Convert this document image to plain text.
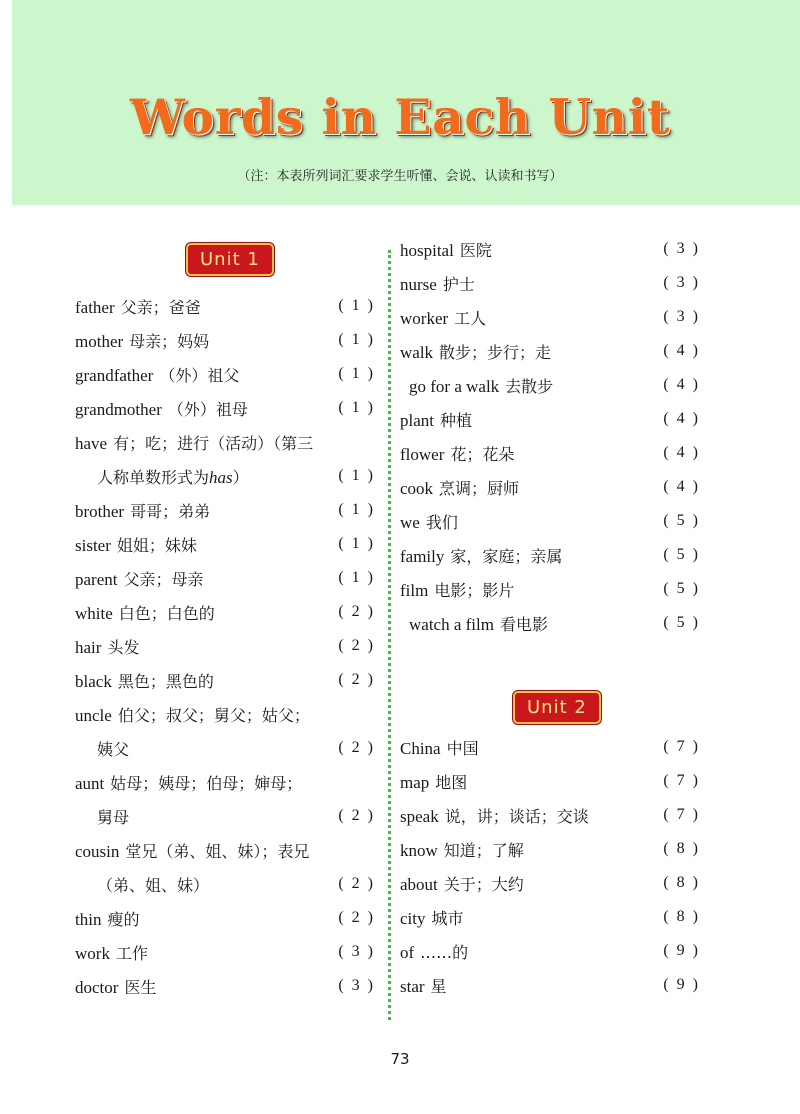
Words in Each Unit
（注：本表所列词汇要求学生听懂、会说、认读和书写）
Unit 1
father 父亲；爸爸	( 1 )
mother 母亲；妈妈	( 1 )
grandfather （外）祖父	( 1 )
grandmother （外）祖母	( 1 )
have 有；吃；进行（活动）（第三
人称单数形式为has）	( 1 )
brother 哥哥；弟弟	( 1 )
sister 姐姐；妹妹	( 1 )
parent 父亲；母亲	( 1 )
white 白色；白色的	( 2 )
hair 头发	( 2 )
black 黑色；黑色的	( 2 )
uncle 伯父；叔父；舅父；姑父；
姨父	( 2 )
aunt 姑母；姨母；伯母；婶母；
舅母	( 2 )
cousin 堂兄（弟、姐、妹）；表兄
（弟、姐、妹）	( 2 )
thin 瘦的	( 2 )
work 工作	( 3 )
doctor 医生	( 3 )
hospital 医院	( 3 )
nurse 护士	( 3 )
worker 工人	( 3 )
walk 散步；步行；走	( 4 )
go for a walk 去散步	( 4 )
plant 种植	( 4 )
flower 花；花朵	( 4 )
cook 烹调；厨师	( 4 )
we 我们	( 5 )
family 家，家庭；亲属	( 5 )
film 电影；影片	( 5 )
watch a film 看电影	( 5 )
Unit 2
China 中国	( 7 )
map 地图	( 7 )
speak 说，讲；谈话；交谈	( 7 )
know 知道；了解	( 8 )
about 关于；大约	( 8 )
city 城市	( 8 )
of ……的	( 9 )
star 星	( 9 )
73
